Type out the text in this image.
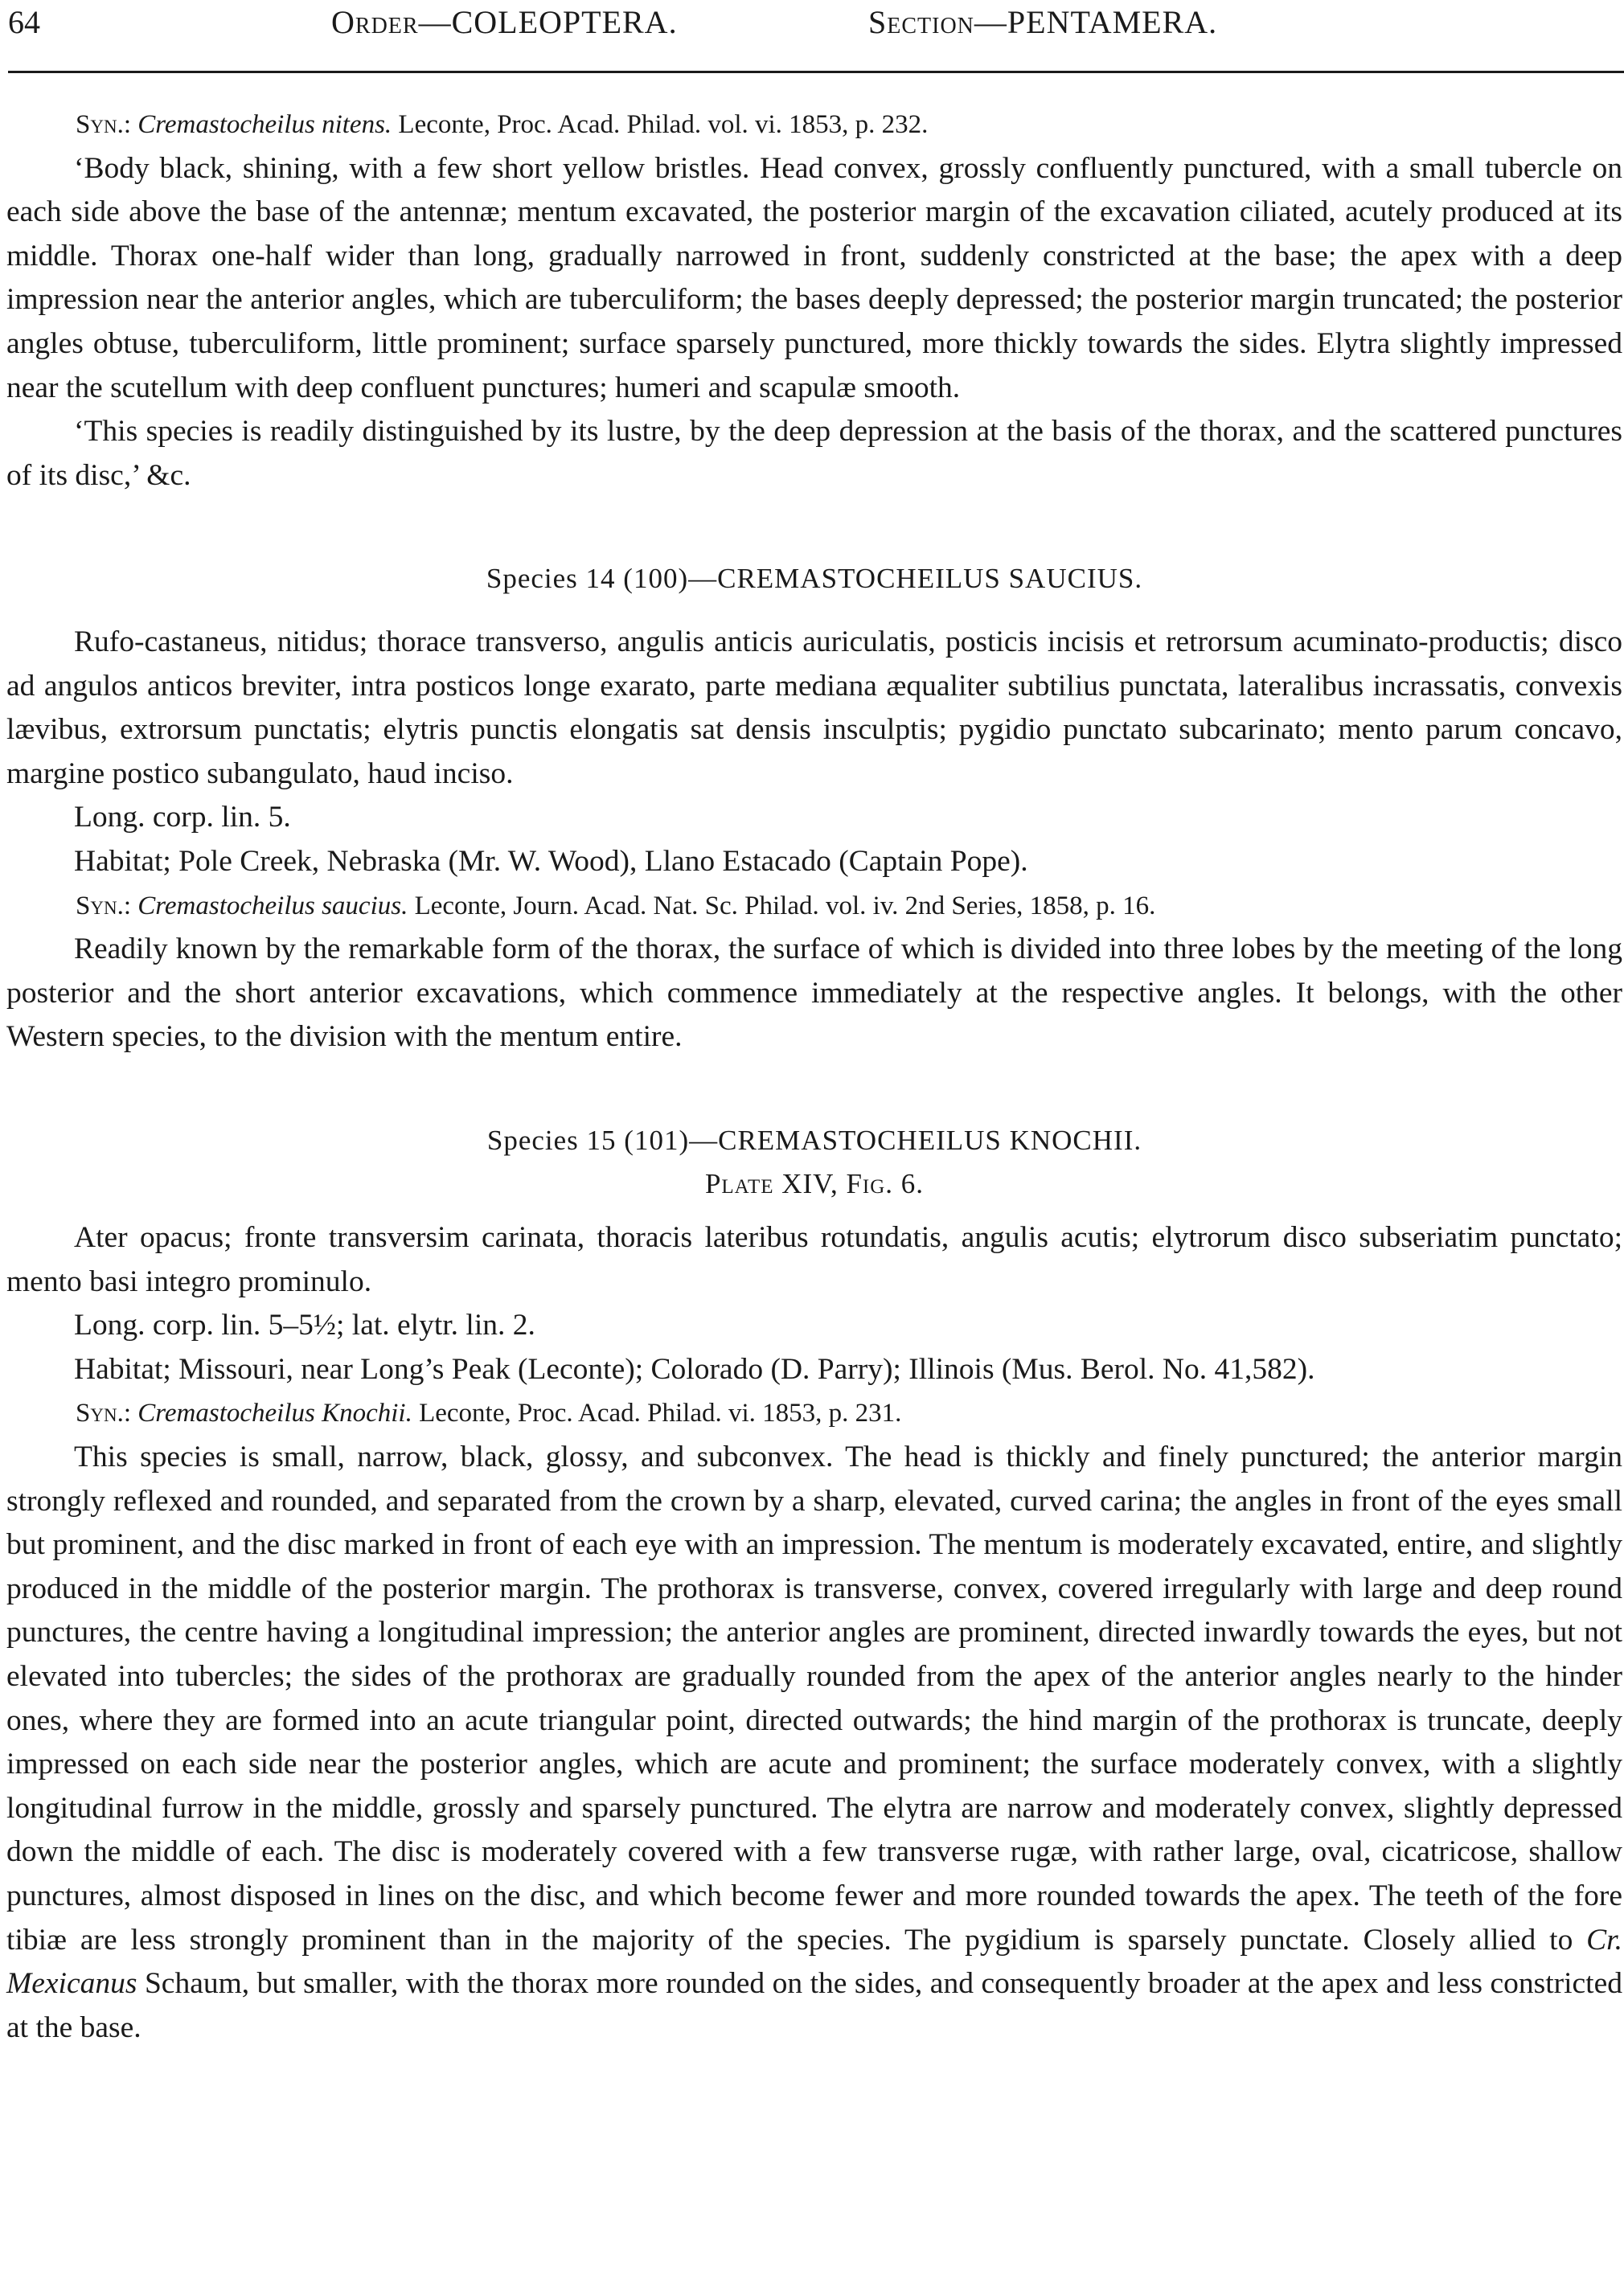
64	Order—COLEOPTERA.	Section—PENTAMERA.

Syn.: Cremastocheilus nitens. Leconte, Proc. Acad. Philad. vol. vi. 1853, p. 232.

‘Body black, shining, with a few short yellow bristles. Head convex, grossly confluently punctured, with a small tubercle on each side above the base of the antennæ; mentum excavated, the posterior margin of the excavation ciliated, acutely produced at its middle. Thorax one-half wider than long, gradually narrowed in front, suddenly constricted at the base; the apex with a deep impression near the anterior angles, which are tuberculiform; the bases deeply depressed; the posterior margin truncated; the posterior angles obtuse, tuberculiform, little prominent; surface sparsely punctured, more thickly towards the sides. Elytra slightly impressed near the scutellum with deep confluent punctures; humeri and scapulæ smooth.

‘This species is readily distinguished by its lustre, by the deep depression at the basis of the thorax, and the scattered punctures of its disc,’ &c.

Species 14 (100)—CREMASTOCHEILUS SAUCIUS.

Rufo-castaneus, nitidus; thorace transverso, angulis anticis auriculatis, posticis incisis et retrorsum acuminato-productis; disco ad angulos anticos breviter, intra posticos longe exarato, parte mediana æqualiter subtilius punctata, lateralibus incrassatis, convexis lævibus, extrorsum punctatis; elytris punctis elongatis sat densis insculptis; pygidio punctato subcarinato; mento parum concavo, margine postico subangulato, haud inciso.

Long. corp. lin. 5.

Habitat; Pole Creek, Nebraska (Mr. W. Wood), Llano Estacado (Captain Pope).

Syn.: Cremastocheilus saucius. Leconte, Journ. Acad. Nat. Sc. Philad. vol. iv. 2nd Series, 1858, p. 16.

Readily known by the remarkable form of the thorax, the surface of which is divided into three lobes by the meeting of the long posterior and the short anterior excavations, which commence immediately at the respective angles. It belongs, with the other Western species, to the division with the mentum entire.

Species 15 (101)—CREMASTOCHEILUS KNOCHII.

Plate XIV, Fig. 6.

Ater opacus; fronte transversim carinata, thoracis lateribus rotundatis, angulis acutis; elytrorum disco subseriatim punctato; mento basi integro prominulo.

Long. corp. lin. 5–5½; lat. elytr. lin. 2.

Habitat; Missouri, near Long’s Peak (Leconte); Colorado (D. Parry); Illinois (Mus. Berol. No. 41,582).

Syn.: Cremastocheilus Knochii. Leconte, Proc. Acad. Philad. vi. 1853, p. 231.

This species is small, narrow, black, glossy, and subconvex. The head is thickly and finely punctured; the anterior margin strongly reflexed and rounded, and separated from the crown by a sharp, elevated, curved carina; the angles in front of the eyes small but prominent, and the disc marked in front of each eye with an impression. The mentum is moderately excavated, entire, and slightly produced in the middle of the posterior margin. The prothorax is transverse, convex, covered irregularly with large and deep round punctures, the centre having a longitudinal impression; the anterior angles are prominent, directed inwardly towards the eyes, but not elevated into tubercles; the sides of the prothorax are gradually rounded from the apex of the anterior angles nearly to the hinder ones, where they are formed into an acute triangular point, directed outwards; the hind margin of the prothorax is truncate, deeply impressed on each side near the posterior angles, which are acute and prominent; the surface moderately convex, with a slightly longitudinal furrow in the middle, grossly and sparsely punctured. The elytra are narrow and moderately convex, slightly depressed down the middle of each. The disc is moderately covered with a few transverse rugæ, with rather large, oval, cicatricose, shallow punctures, almost disposed in lines on the disc, and which become fewer and more rounded towards the apex. The teeth of the fore tibiæ are less strongly prominent than in the majority of the species. The pygidium is sparsely punctate. Closely allied to Cr. Mexicanus Schaum, but smaller, with the thorax more rounded on the sides, and consequently broader at the apex and less constricted at the base.
